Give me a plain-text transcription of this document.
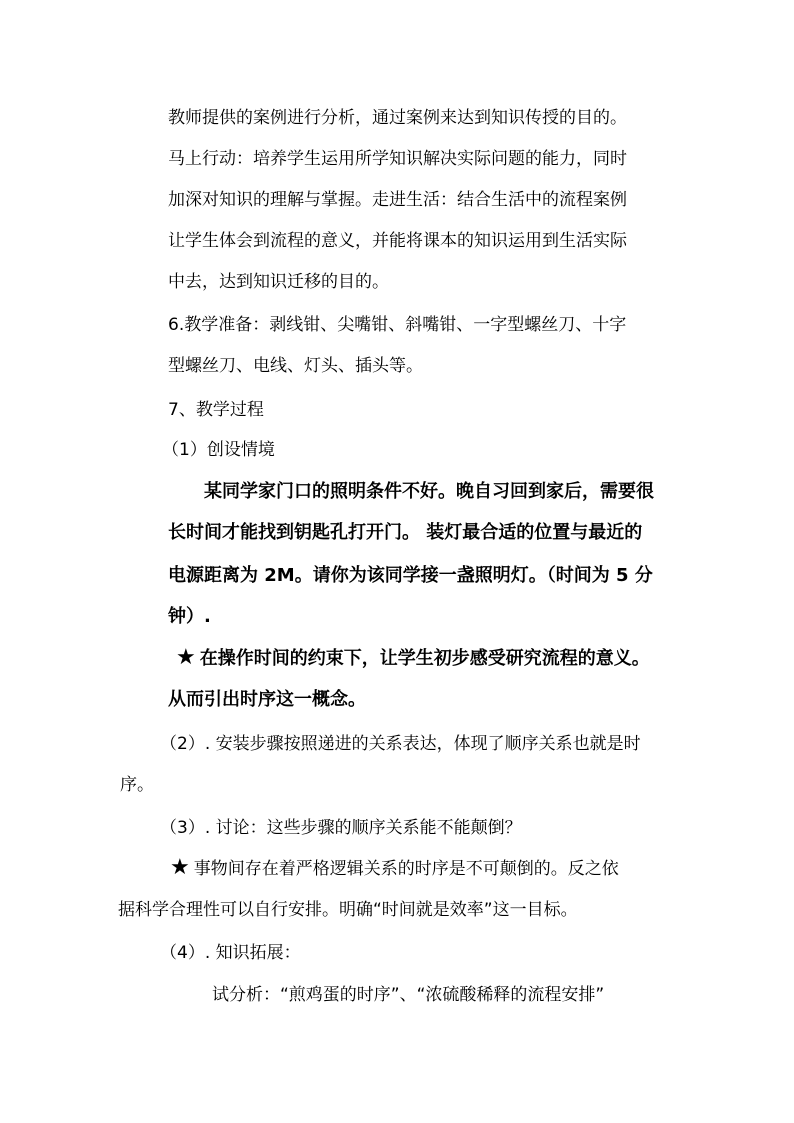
教师提供的案例进行分析，通过案例来达到知识传授的目的。
马上行动：培养学生运用所学知识解决实际问题的能力，同时
加深对知识的理解与掌握。走进生活：结合生活中的流程案例
让学生体会到流程的意义，并能将课本的知识运用到生活实际
中去，达到知识迁移的目的。
6.教学准备：剥线钳、尖嘴钳、斜嘴钳、一字型螺丝刀、十字
型螺丝刀、电线、灯头、插头等。
7、教学过程
（1）创设情境
某同学家门口的照明条件不好。晚自习回到家后，需要很
长时间才能找到钥匙孔打开门。 装灯最合适的位置与最近的
电源距离为 2M。请你为该同学接一盏照明灯。（时间为 5 分
钟）.
★ 在操作时间的约束下，让学生初步感受研究流程的意义。
从而引出时序这一概念。
（2）. 安装步骤按照递进的关系表达，体现了顺序关系也就是时
序。
（3）. 讨论：这些步骤的顺序关系能不能颠倒？
★ 事物间存在着严格逻辑关系的时序是不可颠倒的。反之依
据科学合理性可以自行安排。明确“时间就是效率”这一目标。
（4）. 知识拓展：
试分析：“煎鸡蛋的时序”、“浓硫酸稀释的流程安排”
